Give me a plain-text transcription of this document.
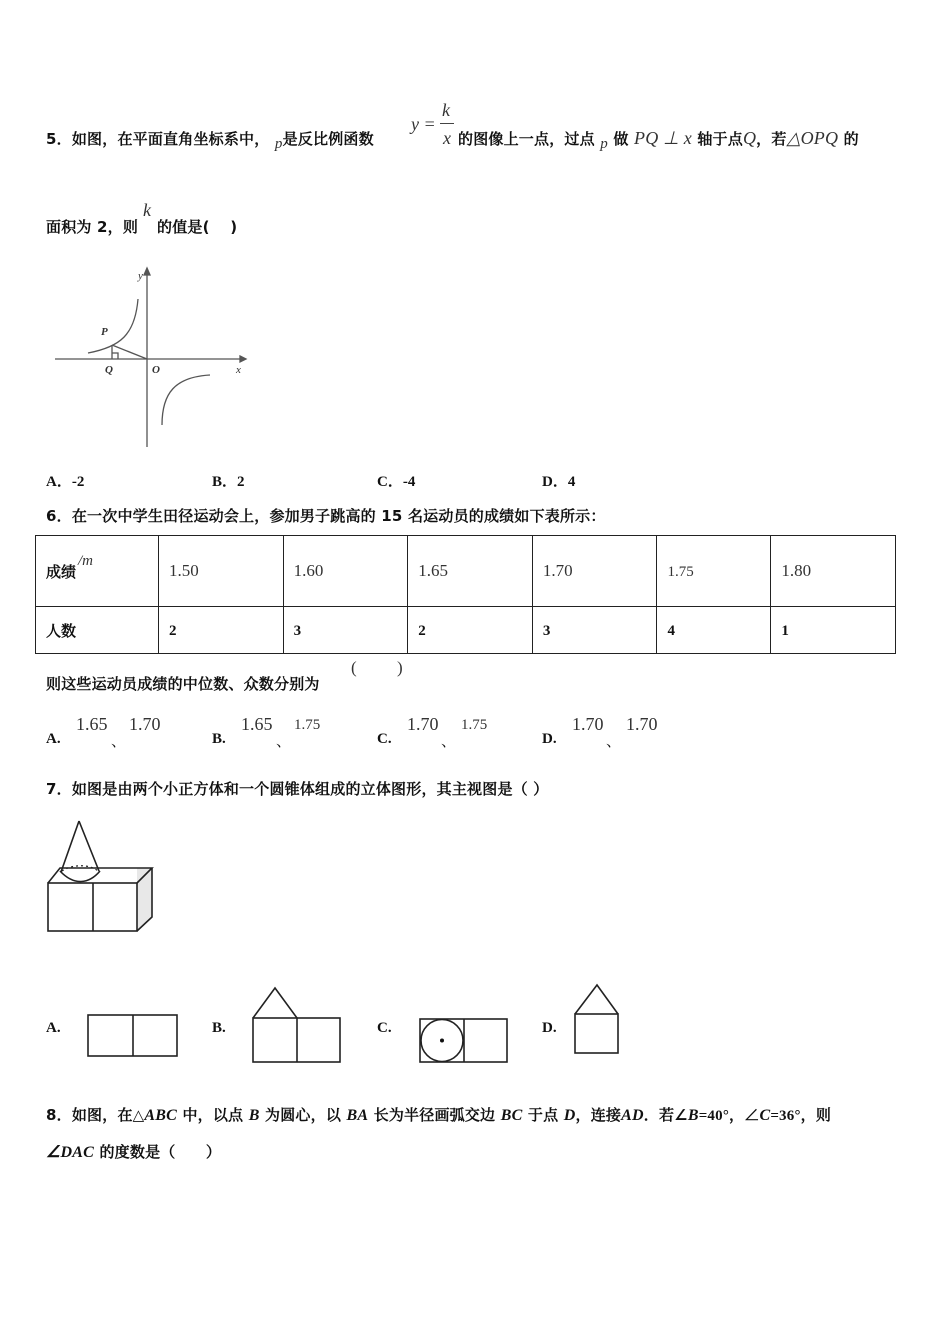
5．如图，在平面直角坐标系中， p是反比例函数
y =
k
x 的图像上一点，过点 p 做 PQ ⊥ x 轴于点Q，若△OPQ 的
面积为 2，则
k
的值是(　 )
y
x
P
Q	O
A．-2	B．2	C．-4	D．4
6．在一次中学生田径运动会上，参加男子跳高的 15 名运动员的成绩如下表所示：
成绩/m	1.50	1.60	1.65	1.70	1.75	1.80
人数	2	3	2	3	4	1
则这些运动员成绩的中位数、众数分别为
( )
A.
1.65
、
1.70
B.
1.65
、
1.75
C.
1.70
、
1.75
D.
1.70
、
1.70
7．如图是由两个小正方体和一个圆锥体组成的立体图形，其主视图是（ ）
A.	B.	C.	D.
8．如图，在△ABC 中，以点 B 为圆心，以 BA 长为半径画弧交边 BC 于点 D，连接AD．若∠B=40°，∠C=36°，则
∠DAC 的度数是（　　）
